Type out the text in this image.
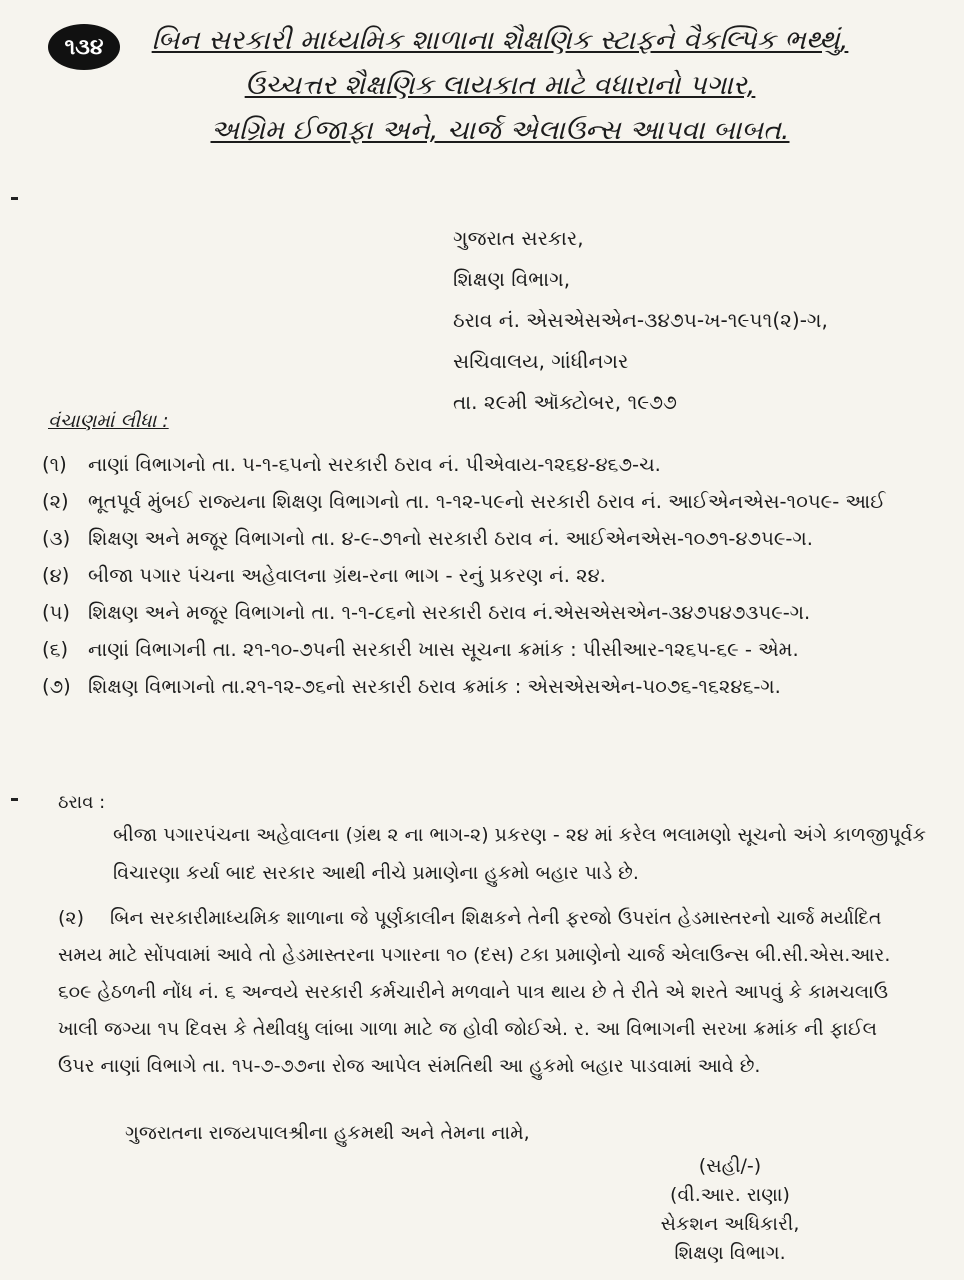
૧૩૪	બિન સરકારી માધ્યમિક શાળાના શૈક્ષણિક સ્ટાફને વૈકલ્પિક ભથ્થું,
ઉચ્ચત્તર શૈક્ષણિક લાયકાત માટે વધારાનો પગાર,
અગ્રિમ ઈજાફા અને, ચાર્જ એલાઉન્સ આપવા બાબત.
ગુજરાત સરકાર,
શિક્ષણ વિભાગ,
ઠરાવ નં. એસએસએન-૩૪૭૫-ખ-૧૯૫૧(૨)-ગ,
સચિવાલય, ગાંધીનગર
તા. ૨૯મી ઑક્ટોબર, ૧૯૭૭
વંચાણમાં લીધા :
(૧)	નાણાં વિભાગનો તા. ૫-૧-૬૫નો સરકારી ઠરાવ નં. પીએવાય-૧૨૬૪-૪૬૭-ચ.
(૨) ભૂતપૂર્વ મુંબઈ રાજ્યના શિક્ષણ વિભાગનો તા. ૧-૧૨-૫૯નો સરકારી ઠરાવ નં. આઈએનએસ-૧૦૫૯- આઈ
(૩) શિક્ષણ અને મજૂર વિભાગનો તા. ૪-૯-૭૧નો સરકારી ઠરાવ નં. આઈએનએસ-૧૦૭૧-૪૭૫૯-ગ.
(૪) બીજા પગાર પંચના અહેવાલના ગ્રંથ-રના ભાગ - રનું પ્રકરણ નં. ૨૪.
(૫) શિક્ષણ અને મજૂર વિભાગનો તા. ૧-૧-૮૬નો સરકારી ઠરાવ નં.એસએસએન-૩૪૭૫૪૭૩૫૯-ગ.
(૬)	નાણાં વિભાગની તા. ૨૧-૧૦-૭૫ની સરકારી ખાસ સૂચના ક્રમાંક : પીસીઆર-૧૨૬૫-૬૯ - એમ.
(૭) શિક્ષણ વિભાગનો તા.૨૧-૧૨-૭૬નો સરકારી ઠરાવ ક્રમાંક : એસએસએન-૫૦૭૬-૧૬૨૪૬-ગ.
ઠરાવ :
બીજા પગારપંચના અહેવાલના (ગ્રંથ ૨ ના ભાગ-૨) પ્રકરણ - ૨૪ માં કરેલ ભલામણો સૂચનો અંગે કાળજીપૂર્વક વિચારણા કર્યા બાદ સરકાર આથી નીચે પ્રમાણેના હુકમો બહાર પાડે છે.
(૨) બિન સરકારીમાધ્યમિક શાળાના જે પૂર્ણકાલીન શિક્ષકને તેની ફરજો ઉપરાંત હેડમાસ્તરનો ચાર્જ મર્યાદિત સમય માટે સોંપવામાં આવે તો હેડમાસ્તરના પગારના ૧૦ (દસ) ટકા પ્રમાણેનો ચાર્જ એલાઉન્સ બી.સી.એસ.આર. ૬૦૯ હેઠળની નોંધ નં. ૬ અન્વયે સરકારી કર્મચારીને મળવાને પાત્ર થાય છે તે રીતે એ શરતે આપવું કે કામચલાઉ ખાલી જગ્યા ૧૫ દિવસ કે તેથીવધુ લાંબા ગાળા માટે જ હોવી જોઈએ. ર. આ વિભાગની સરખા ક્રમાંક ની ફાઈલ ઉપર નાણાં વિભાગે તા. ૧૫-૭-૭૭ના રોજ આપેલ સંમતિથી આ હુકમો બહાર પાડવામાં આવે છે.
ગુજરાતના રાજયપાલશ્રીના હુકમથી અને તેમના નામે,
(સહી/-)
(વી.આર. રાણા)
સેકશન અધિકારી,
શિક્ષણ વિભાગ.
